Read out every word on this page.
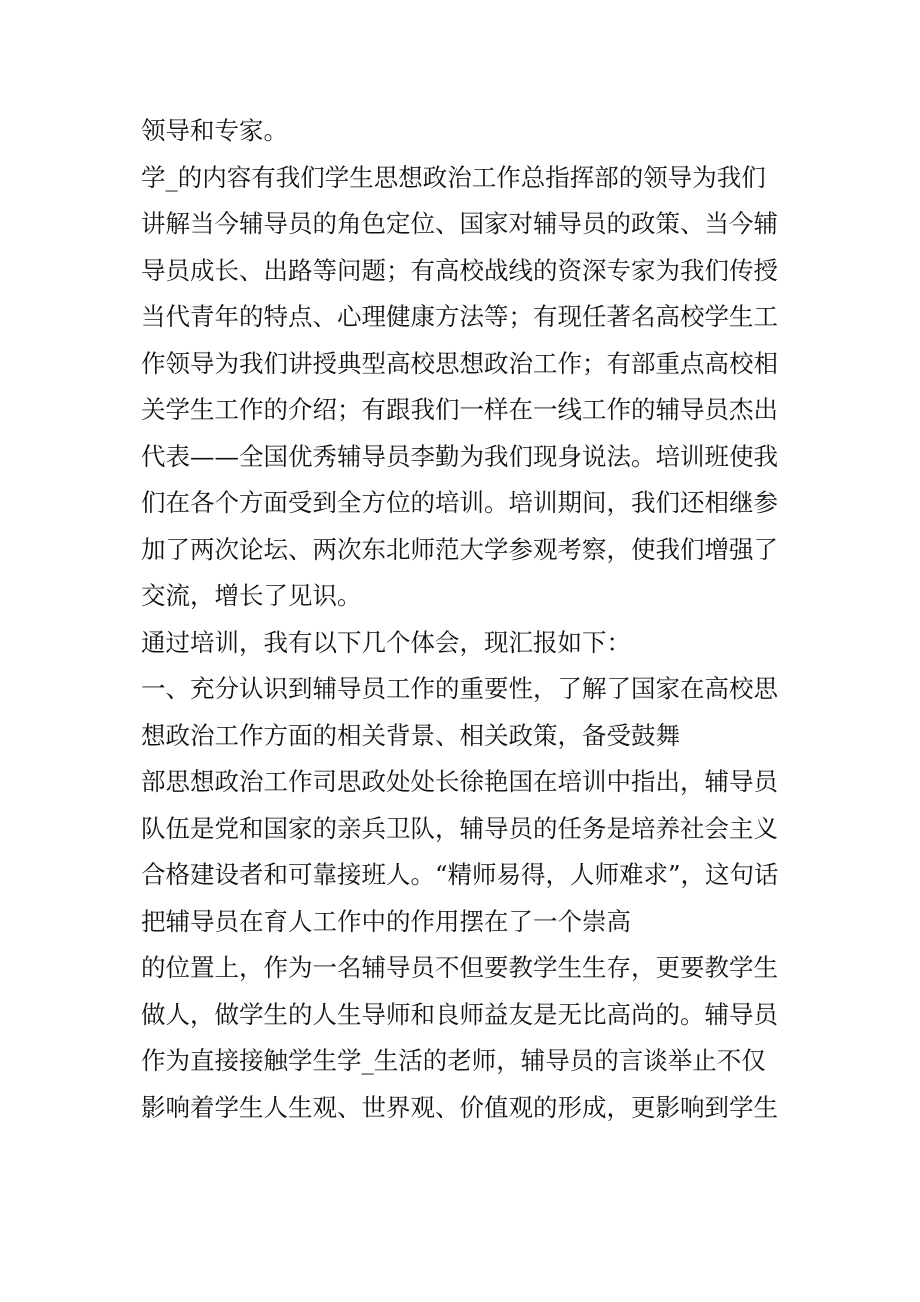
领导和专家。
学_的内容有我们学生思想政治工作总指挥部的领导为我们
讲解当今辅导员的角色定位、国家对辅导员的政策、当今辅
导员成长、出路等问题；有高校战线的资深专家为我们传授
当代青年的特点、心理健康方法等；有现任著名高校学生工
作领导为我们讲授典型高校思想政治工作；有部重点高校相
关学生工作的介绍；有跟我们一样在一线工作的辅导员杰出
代表——全国优秀辅导员李勤为我们现身说法。培训班使我
们在各个方面受到全方位的培训。培训期间，我们还相继参
加了两次论坛、两次东北师范大学参观考察，使我们增强了
交流，增长了见识。
通过培训，我有以下几个体会，现汇报如下：
一、充分认识到辅导员工作的重要性，了解了国家在高校思
想政治工作方面的相关背景、相关政策，备受鼓舞
部思想政治工作司思政处处长徐艳国在培训中指出，辅导员
队伍是党和国家的亲兵卫队，辅导员的任务是培养社会主义
合格建设者和可靠接班人。“精师易得，人师难求”，这句话
把辅导员在育人工作中的作用摆在了一个崇高
的位置上，作为一名辅导员不但要教学生生存，更要教学生
做人，做学生的人生导师和良师益友是无比高尚的。辅导员
作为直接接触学生学_生活的老师，辅导员的言谈举止不仅
影响着学生人生观、世界观、价值观的形成，更影响到学生
